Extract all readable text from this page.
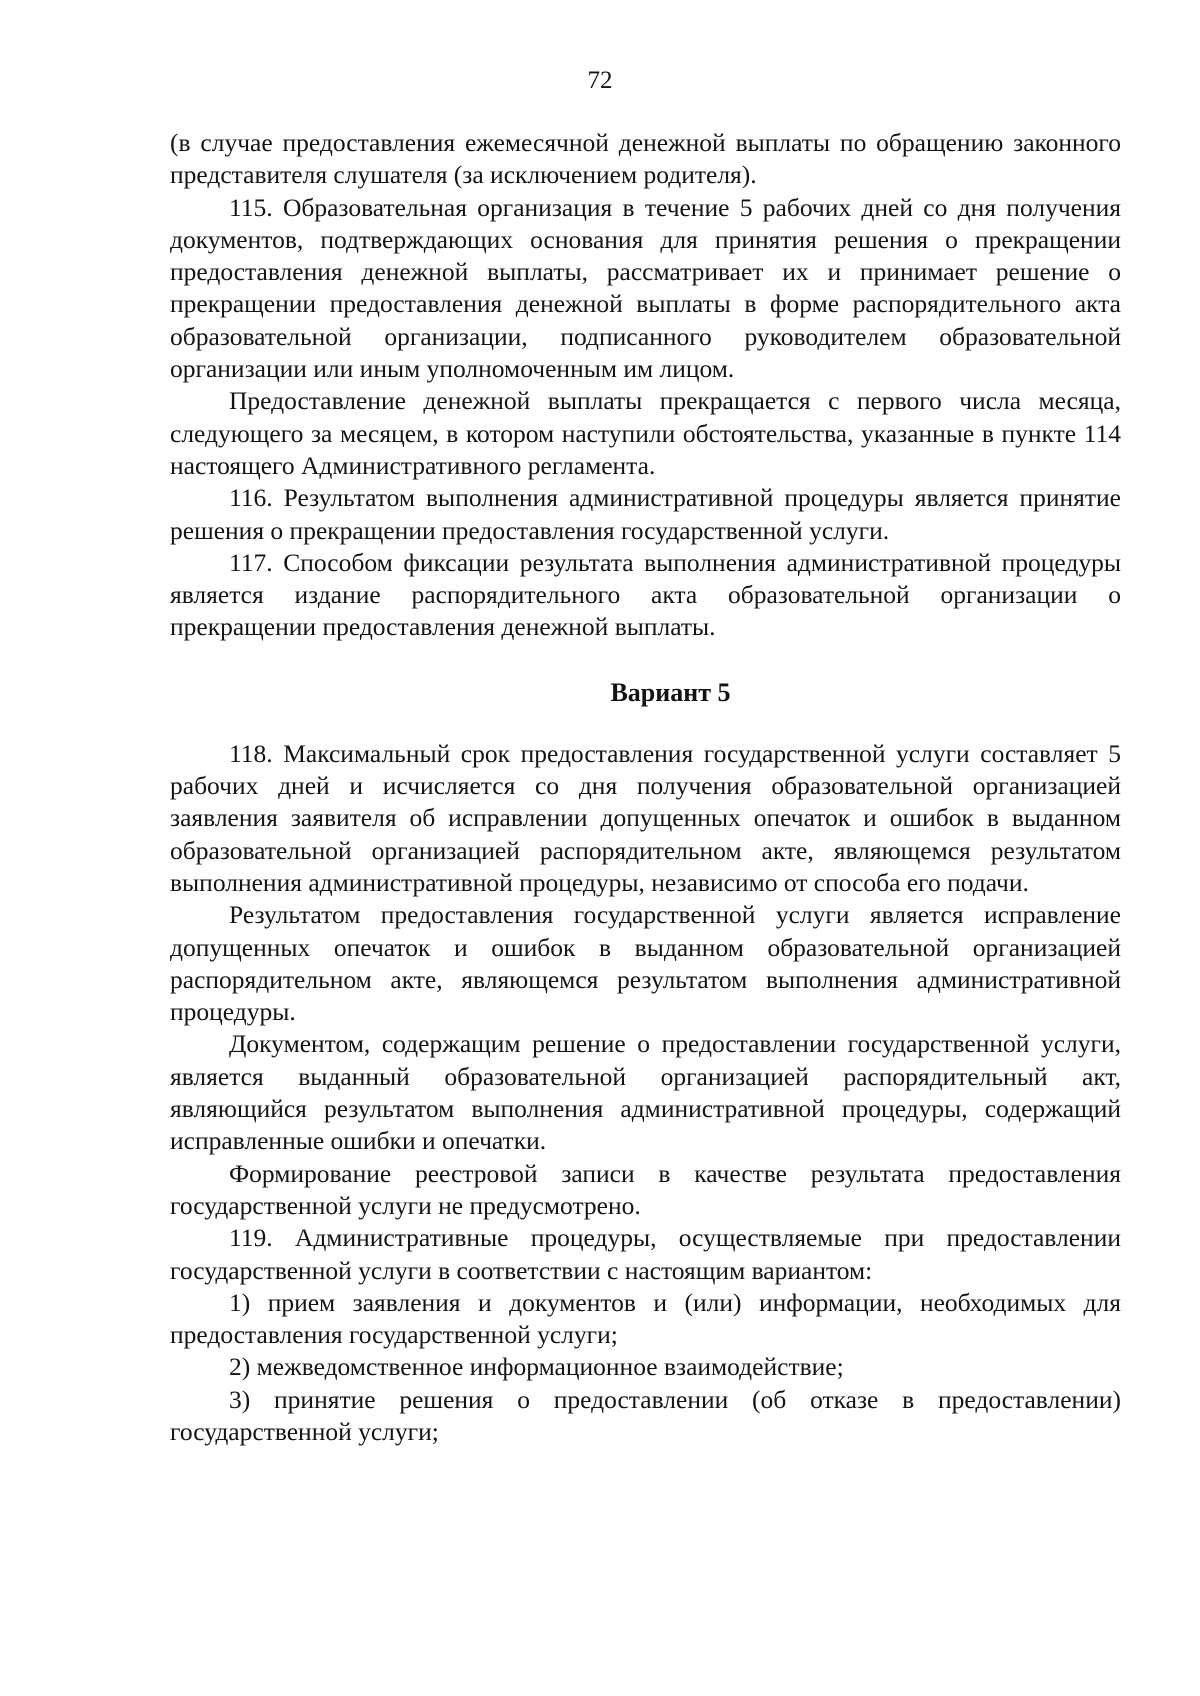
72

(в случае предоставления ежемесячной денежной выплаты по обращению законного представителя слушателя (за исключением родителя).

115. Образовательная организация в течение 5 рабочих дней со дня получения документов, подтверждающих основания для принятия решения о прекращении предоставления денежной выплаты, рассматривает их и принимает решение о прекращении предоставления денежной выплаты в форме распорядительного акта образовательной организации, подписанного руководителем образовательной организации или иным уполномоченным им лицом.

Предоставление денежной выплаты прекращается с первого числа месяца, следующего за месяцем, в котором наступили обстоятельства, указанные в пункте 114 настоящего Административного регламента.

116. Результатом выполнения административной процедуры является принятие решения о прекращении предоставления государственной услуги.

117. Способом фиксации результата выполнения административной процедуры является издание распорядительного акта образовательной организации о прекращении предоставления денежной выплаты.

Вариант 5

118. Максимальный срок предоставления государственной услуги составляет 5 рабочих дней и исчисляется со дня получения образовательной организацией заявления заявителя об исправлении допущенных опечаток и ошибок в выданном образовательной организацией распорядительном акте, являющемся результатом выполнения административной процедуры, независимо от способа его подачи.

Результатом предоставления государственной услуги является исправление допущенных опечаток и ошибок в выданном образовательной организацией распорядительном акте, являющемся результатом выполнения административной процедуры.

Документом, содержащим решение о предоставлении государственной услуги, является выданный образовательной организацией распорядительный акт, являющийся результатом выполнения административной процедуры, содержащий исправленные ошибки и опечатки.

Формирование реестровой записи в качестве результата предоставления государственной услуги не предусмотрено.

119. Административные процедуры, осуществляемые при предоставлении государственной услуги в соответствии с настоящим вариантом:

1) прием заявления и документов и (или) информации, необходимых для предоставления государственной услуги;

2) межведомственное информационное взаимодействие;

3) принятие решения о предоставлении (об отказе в предоставлении) государственной услуги;
